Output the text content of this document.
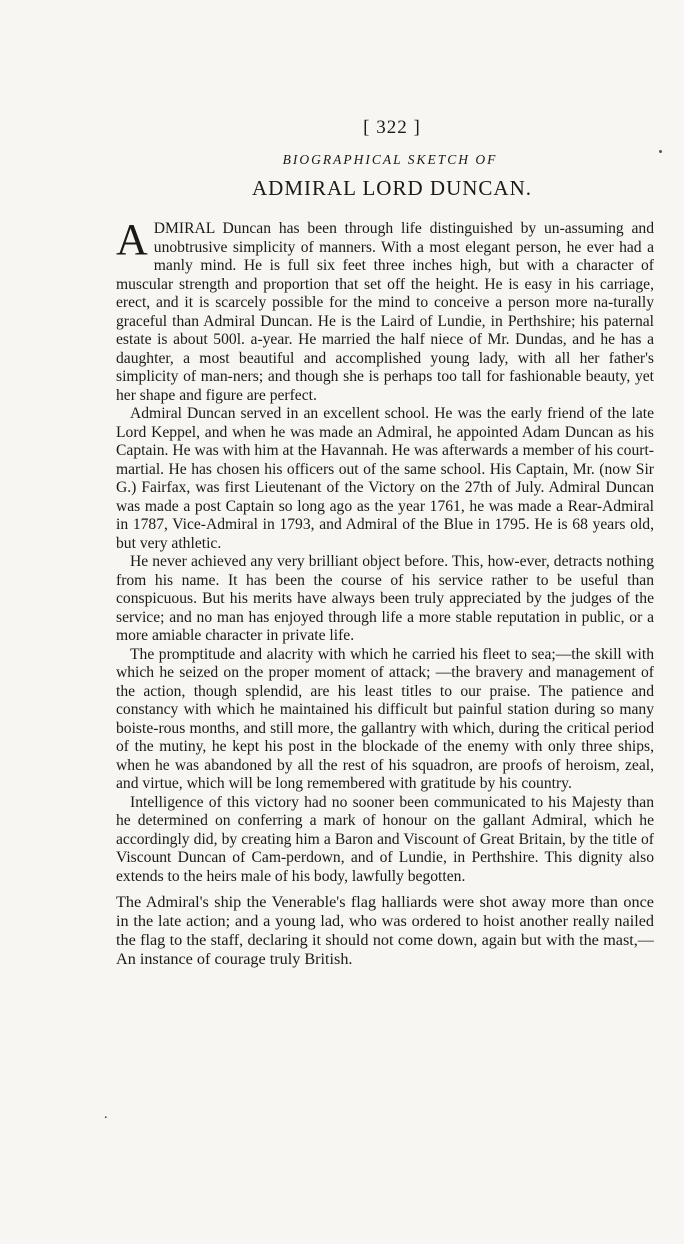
[ 322 ]
BIOGRAPHICAL SKETCH OF
ADMIRAL LORD DUNCAN.

ADMIRAL Duncan has been through life distinguished by un-assuming and unobtrusive simplicity of manners. With a most elegant person, he ever had a manly mind. He is full six feet three inches high, but with a character of muscular strength and proportion that set off the height. He is easy in his carriage, erect, and it is scarcely possible for the mind to conceive a person more na-turally graceful than Admiral Duncan. He is the Laird of Lundie, in Perthshire; his paternal estate is about 500l. a-year. He married the half niece of Mr. Dundas, and he has a daughter, a most beautiful and accomplished young lady, with all her father's simplicity of man-ners; and though she is perhaps too tall for fashionable beauty, yet her shape and figure are perfect.

Admiral Duncan served in an excellent school. He was the early friend of the late Lord Keppel, and when he was made an Admiral, he appointed Adam Duncan as his Captain. He was with him at the Havannah. He was afterwards a member of his court-martial. He has chosen his officers out of the same school. His Captain, Mr. (now Sir G.) Fairfax, was first Lieutenant of the Victory on the 27th of July. Admiral Duncan was made a post Captain so long ago as the year 1761, he was made a Rear-Admiral in 1787, Vice-Admiral in 1793, and Admiral of the Blue in 1795. He is 68 years old, but very athletic.

He never achieved any very brilliant object before. This, how-ever, detracts nothing from his name. It has been the course of his service rather to be useful than conspicuous. But his merits have always been truly appreciated by the judges of the service; and no man has enjoyed through life a more stable reputation in public, or a more amiable character in private life.

The promptitude and alacrity with which he carried his fleet to sea;—the skill with which he seized on the proper moment of attack; —the bravery and management of the action, though splendid, are his least titles to our praise. The patience and constancy with which he maintained his difficult but painful station during so many boiste-rous months, and still more, the gallantry with which, during the critical period of the mutiny, he kept his post in the blockade of the enemy with only three ships, when he was abandoned by all the rest of his squadron, are proofs of heroism, zeal, and virtue, which will be long remembered with gratitude by his country.

Intelligence of this victory had no sooner been communicated to his Majesty than he determined on conferring a mark of honour on the gallant Admiral, which he accordingly did, by creating him a Baron and Viscount of Great Britain, by the title of Viscount Duncan of Cam-perdown, and of Lundie, in Perthshire. This dignity also extends to the heirs male of his body, lawfully begotten.

The Admiral's ship the Venerable's flag halliards were shot away more than once in the late action; and a young lad, who was ordered to hoist another really nailed the flag to the staff, declaring it should not come down, again but with the mast,—An instance of courage truly British.

.
